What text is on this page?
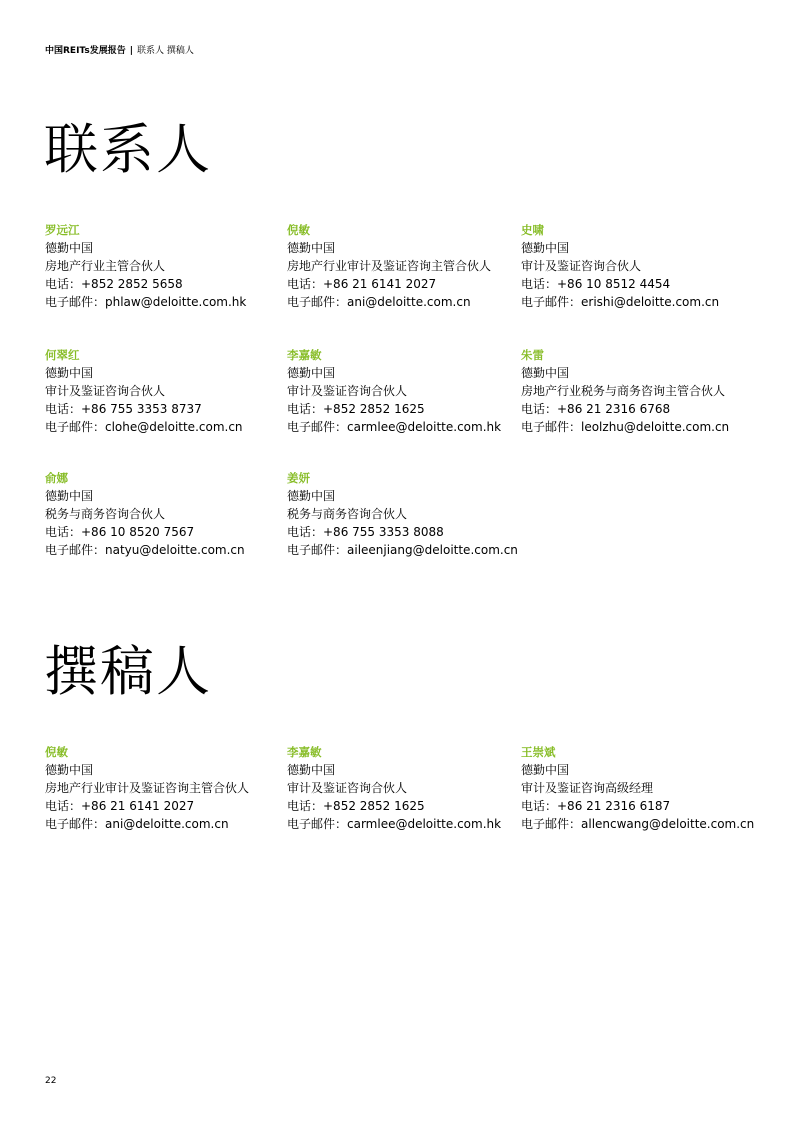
中国REITs发展报告 | 联系人 撰稿人
联系人
罗远江
德勤中国
房地产行业主管合伙人
电话：+852 2852 5658
电子邮件：phlaw@deloitte.com.hk
倪敏
德勤中国
房地产行业审计及鉴证咨询主管合伙人
电话：+86 21 6141 2027
电子邮件：ani@deloitte.com.cn
史啸
德勤中国
审计及鉴证咨询合伙人
电话：+86 10 8512 4454
电子邮件：erishi@deloitte.com.cn
何翠红
德勤中国
审计及鉴证咨询合伙人
电话：+86 755 3353 8737
电子邮件：clohe@deloitte.com.cn
李嘉敏
德勤中国
审计及鉴证咨询合伙人
电话：+852 2852 1625
电子邮件：carmlee@deloitte.com.hk
朱雷
德勤中国
房地产行业税务与商务咨询主管合伙人
电话：+86 21 2316 6768
电子邮件：leolzhu@deloitte.com.cn
俞娜
德勤中国
税务与商务咨询合伙人
电话：+86 10 8520 7567
电子邮件：natyu@deloitte.com.cn
姜妍
德勤中国
税务与商务咨询合伙人
电话：+86 755 3353 8088
电子邮件：aileenjiang@deloitte.com.cn
撰稿人
倪敏
德勤中国
房地产行业审计及鉴证咨询主管合伙人
电话：+86 21 6141 2027
电子邮件：ani@deloitte.com.cn
李嘉敏
德勤中国
审计及鉴证咨询合伙人
电话：+852 2852 1625
电子邮件：carmlee@deloitte.com.hk
王崇斌
德勤中国
审计及鉴证咨询高级经理
电话：+86 21 2316 6187
电子邮件：allencwang@deloitte.com.cn
22
